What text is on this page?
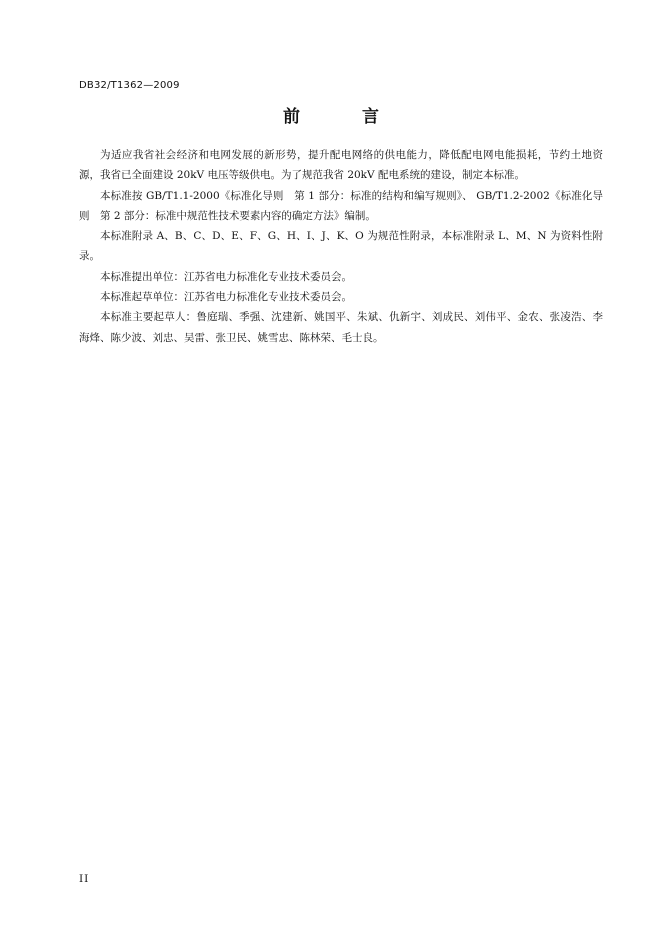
DB32/T1362—2009
前 言

为适应我省社会经济和电网发展的新形势，提升配电网络的供电能力，降低配电网电能损耗，节约土地资源，我省已全面建设 20kV 电压等级供电。为了规范我省 20kV 配电系统的建设，制定本标准。

本标准按 GB/T1.1-2000《标准化导则　第 1 部分：标准的结构和编写规则》、 GB/T1.2-2002《标准化导则　第 2 部分：标准中规范性技术要素内容的确定方法》编制。

本标准附录 A、B、C、D、E、F、G、H、I、J、K、O 为规范性附录，本标准附录 L、M、N 为资料性附录。

本标准提出单位：江苏省电力标准化专业技术委员会。

本标准起草单位：江苏省电力标准化专业技术委员会。

本标准主要起草人：鲁庭瑞、季强、沈建新、姚国平、朱斌、仇新宇、刘成民、刘伟平、金农、张凌浩、李海烽、陈少波、刘忠、吴雷、张卫民、姚雪忠、陈林荣、毛士良。

II
